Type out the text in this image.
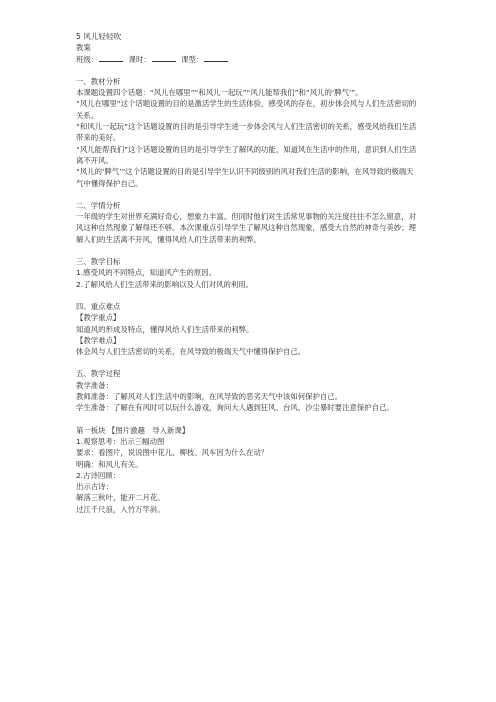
5 风儿轻轻吹

教案

班级：	课时：	课型：

一、教材分析

本课题设置四个话题：“风儿在哪里”“和风儿一起玩”“风儿能帮我们”和“风儿的‘脾气’”。

“风儿在哪里”这个话题设置的目的是激活学生的生活体验，感受风的存在，初步体会风与人们生活密切的关系。

“和风儿一起玩”这个话题设置的目的是引导学生进一步体会风与人们生活密切的关系，感受风给我们生活带来的美好。

“风儿能帮我们”这个话题设置的目的是引导学生了解风的功能，知道风在生活中的作用，意识到人们生活离不开风。

“风儿的‘脾气’”这个话题设置的目的是引导学生认识不同级别的风对我们生活的影响，在风导致的极端天气中懂得保护自己。

二、学情分析

一年级的学生对世界充满好奇心，想象力丰富。但同时他们对生活常见事物的关注度往往不怎么留意，对风这种自然现象了解得还不够。本次课重点引导学生了解风这种自然现象，感受大自然的神奇与美妙；理解人们的生活离不开风，懂得风给人们生活带来的利弊。

三、教学目标

1.感受风的不同特点，知道风产生的原因。

2.了解风给人们生活带来的影响以及人们对风的利用。

四、重点难点

【教学重点】

知道风的形成及特点，懂得风给人们生活带来的利弊。

【教学难点】

体会风与人们生活密切的关系，在风导致的极端天气中懂得保护自己。

五、教学过程

教学准备：

教师准备：了解风对人们生活中的影响，在风导致的恶劣天气中该如何保护自己。

学生准备：了解在有风时可以玩什么游戏，询问大人遇到狂风、台风、沙尘暴时要注意保护自己。

第一板块 【图片激趣　导入新课】

1.观察思考：出示三幅动图

要求：看图片，说说图中花儿、柳枝、风车因为什么在动？

明确：和风儿有关。

2.古诗回顾：

出示古诗：

解落三秋叶，能开二月花。

过江千尺浪，入竹万竿斜。
